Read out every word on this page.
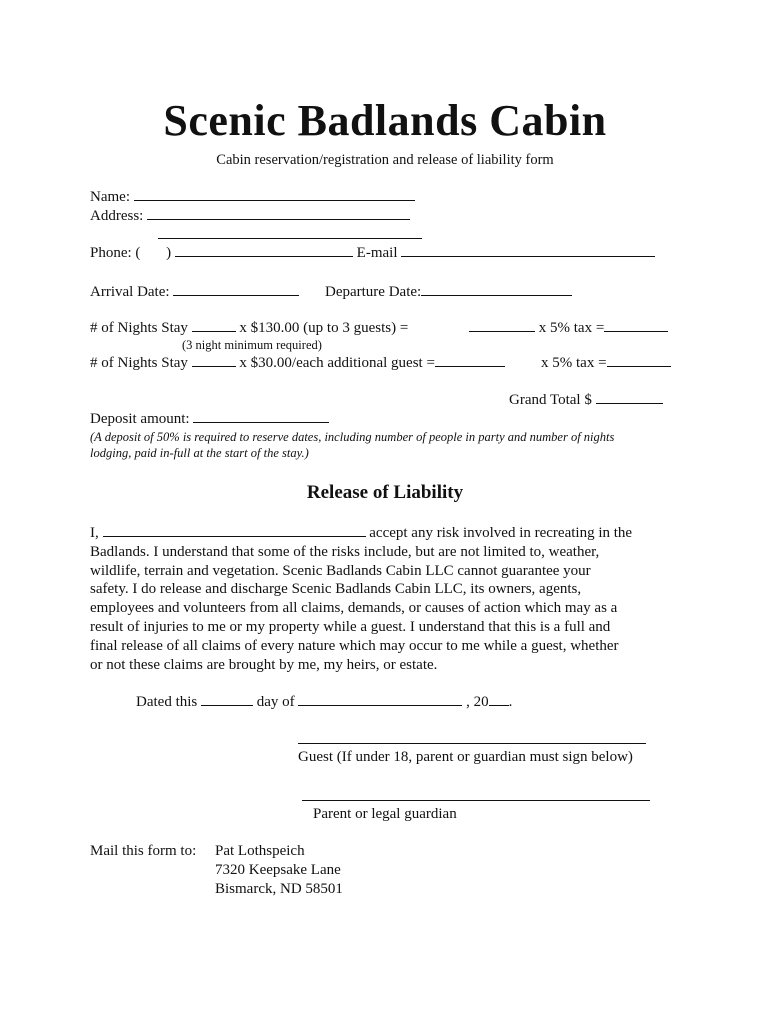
Scenic Badlands Cabin
Cabin reservation/registration and release of liability form
Name:
Address:
Phone: ( )	E-mail
Arrival Date:	Departure Date:
# of Nights Stay	x $130.00 (up to 3 guests) =	x 5% tax =
(3 night minimum required)
# of Nights Stay	x $30.00/each additional guest =	x 5% tax =
Grand Total $
Deposit amount:
(A deposit of 50% is required to reserve dates, including number of people in party and number of nights
lodging, paid in-full at the start of the stay.)
Release of Liability
I,	accept any risk involved in recreating in the
Badlands. I understand that some of the risks include, but are not limited to, weather,
wildlife, terrain and vegetation. Scenic Badlands Cabin LLC cannot guarantee your
safety. I do release and discharge Scenic Badlands Cabin LLC, its owners, agents,
employees and volunteers from all claims, demands, or causes of action which may as a
result of injuries to me or my property while a guest. I understand that this is a full and
final release of all claims of every nature which may occur to me while a guest, whether
or not these claims are brought by me, my heirs, or estate.
Dated this	day of	, 20 .
Guest (If under 18, parent or guardian must sign below)
Parent or legal guardian
Mail this form to: Pat Lothspeich
7320 Keepsake Lane
Bismarck, ND 58501
